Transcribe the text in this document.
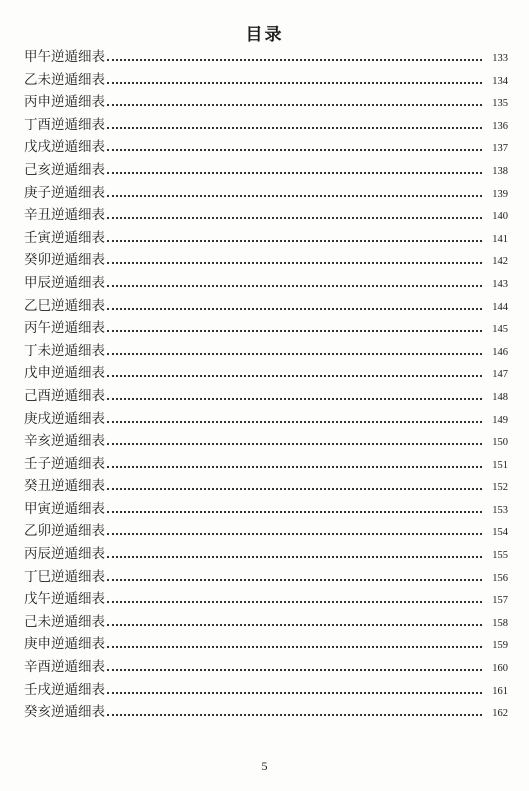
目录
甲午逆遁细表	133
乙未逆遁细表	134
丙申逆遁细表	135
丁酉逆遁细表	136
戊戌逆遁细表	137
己亥逆遁细表	138
庚子逆遁细表	139
辛丑逆遁细表	140
壬寅逆遁细表	141
癸卯逆遁细表	142
甲辰逆遁细表	143
乙巳逆遁细表	144
丙午逆遁细表	145
丁未逆遁细表	146
戊申逆遁细表	147
己酉逆遁细表	148
庚戌逆遁细表	149
辛亥逆遁细表	150
壬子逆遁细表	151
癸丑逆遁细表	152
甲寅逆遁细表	153
乙卯逆遁细表	154
丙辰逆遁细表	155
丁巳逆遁细表	156
戊午逆遁细表	157
己未逆遁细表	158
庚申逆遁细表	159
辛酉逆遁细表	160
壬戌逆遁细表	161
癸亥逆遁细表	162
5
